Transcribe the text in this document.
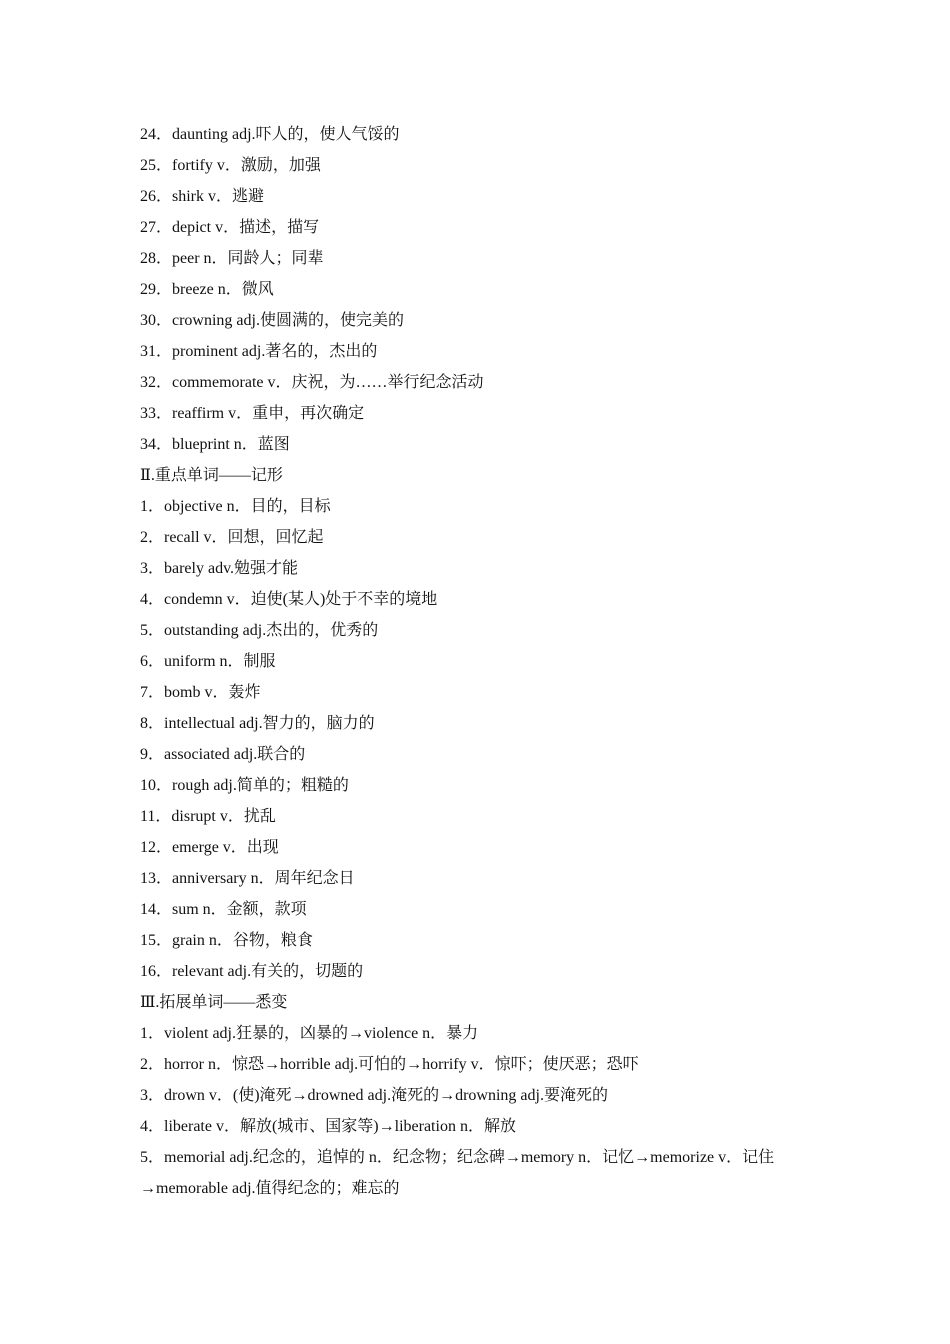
24．daunting adj.吓人的，使人气馁的
25．fortify v．激励，加强
26．shirk v．逃避
27．depict v．描述，描写
28．peer n．同龄人；同辈
29．breeze n．微风
30．crowning adj.使圆满的，使完美的
31．prominent adj.著名的，杰出的
32．commemorate v．庆祝，为……举行纪念活动
33．reaffirm v．重申，再次确定
34．blueprint n．蓝图
Ⅱ.重点单词——记形
1．objective n．目的，目标
2．recall v．回想，回忆起
3．barely adv.勉强才能
4．condemn v．迫使(某人)处于不幸的境地
5．outstanding adj.杰出的，优秀的
6．uniform n．制服
7．bomb v．轰炸
8．intellectual adj.智力的，脑力的
9．associated adj.联合的
10．rough adj.简单的；粗糙的
11．disrupt v．扰乱
12．emerge v．出现
13．anniversary n．周年纪念日
14．sum n．金额，款项
15．grain n．谷物，粮食
16．relevant adj.有关的，切题的
Ⅲ.拓展单词——悉变
1．violent adj.狂暴的，凶暴的→violence n．暴力
2．horror n．惊恐→horrible adj.可怕的→horrify v．惊吓；使厌恶；恐吓
3．drown v．(使)淹死→drowned adj.淹死的→drowning adj.要淹死的
4．liberate v．解放(城市、国家等)→liberation n．解放
5．memorial adj.纪念的，追悼的 n．纪念物；纪念碑→memory n．记忆→memorize v．记住→memorable adj.值得纪念的；难忘的
